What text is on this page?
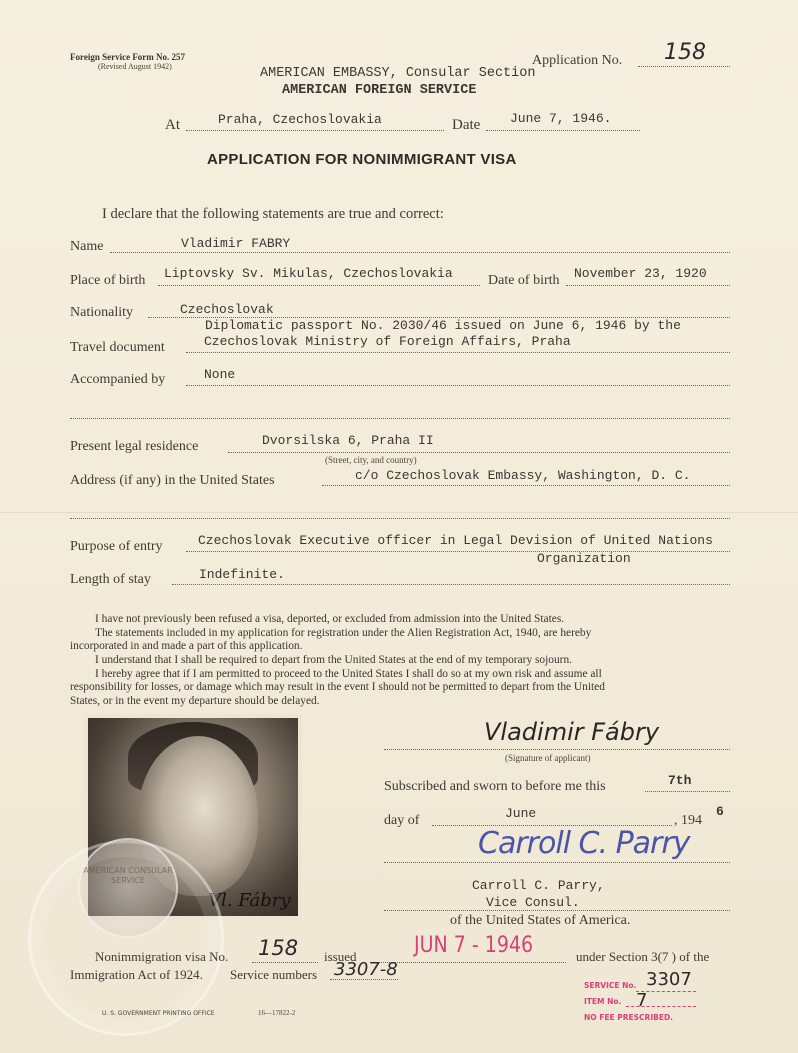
Foreign Service Form No. 257
(Revised August 1942)	Application No. 158
AMERICAN EMBASSY, Consular Section
AMERICAN FOREIGN SERVICE
At	Praha, Czechoslovakia	Date June 7, 1946.
APPLICATION FOR NONIMMIGRANT VISA
I declare that the following statements are true and correct:
Name	Vladimir FABRY
Place of birth Liptovsky Sv. Mikulas, Czechoslovakia	Date of birth November 23, 1920
Nationality	Czechoslovak
Diplomatic passport No. 2030/46 issued on June 6, 1946 by the
Travel document	Czechoslovak Ministry of Foreign Affairs, Praha
Accompanied by	None
Present legal residence	Dvorsilska 6, Praha II
(Street, city, and country)
Address (if any) in the United States	c/o Czechoslovak Embassy, Washington, D. C.
Purpose of entry	Czechoslovak Executive officer in Legal Devision of United Nations
Organization
Length of stay	Indefinite.
I have not previously been refused a visa, deported, or excluded from admission into the United States.
The statements included in my application for registration under the Alien Registration Act, 1940, are hereby
incorporated in and made a part of this application.
I understand that I shall be required to depart from the United States at the end of my temporary sojourn.
I hereby agree that if I am permitted to proceed to the United States I shall do so at my own risk and assume all
responsibility for losses, or damage which may result in the event I should not be permitted to depart from the United
States, or in the event my departure should be delayed.
Vl. Fábry
AMERICAN CONSULAR SERVICE
Vladimir Fábry
(Signature of applicant)
Subscribed and sworn to before me this	7th
day of	June	, 194
6
Carroll C. Parry
Carroll C. Parry,
Vice Consul.
of the United States of America.
Nonimmigration visa No. 158 issued	JUN 7 - 1946	under Section 3(7 ) of the
Immigration Act of 1924. Service numbers 3307-8
SERVICE No. 3307
ITEM No. 7
NO FEE PRESCRIBED.
U. S. GOVERNMENT PRINTING OFFICE	16—17822-2
